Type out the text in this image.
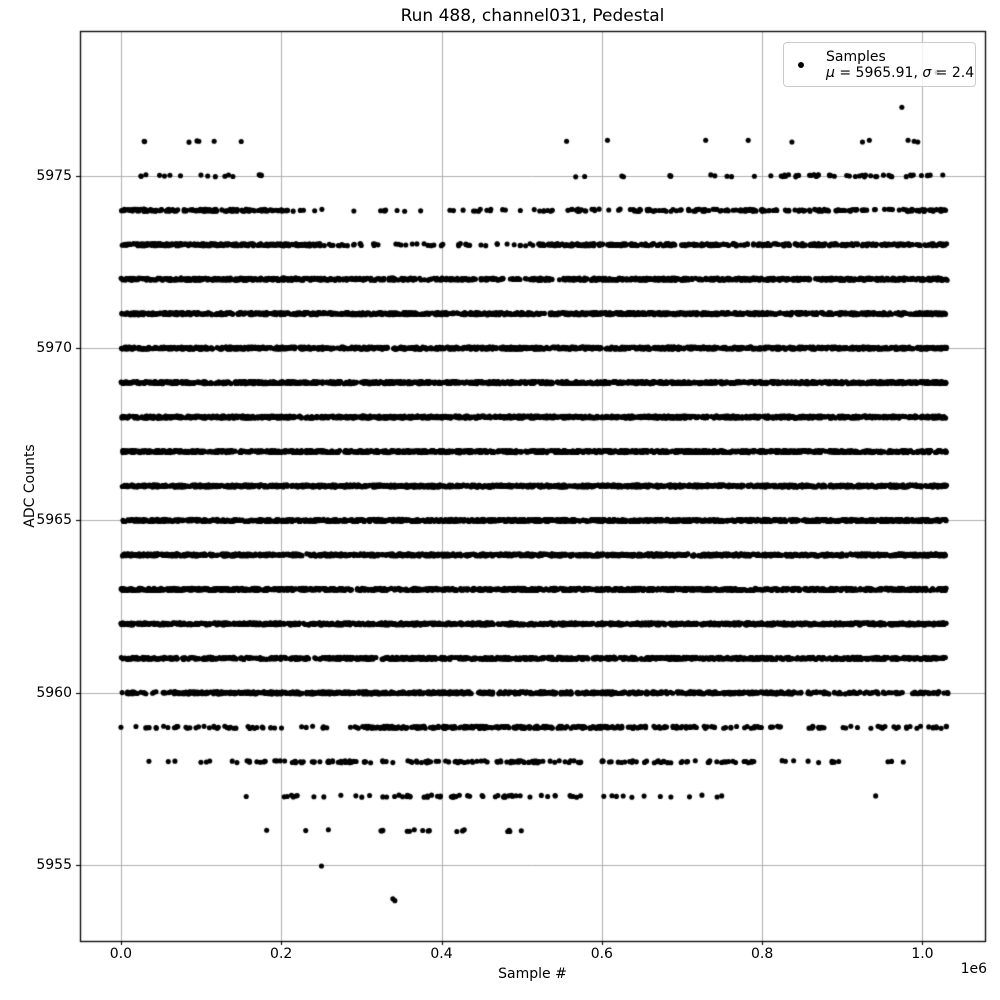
Run 488, channel031, Pedestal
Sample #
ADC Counts
1e6
0.0	0.2	0.4	0.6	0.8	1.0
5955
5960
5965
5970
5975
Samples
μ = 5965.91, σ = 2.4
